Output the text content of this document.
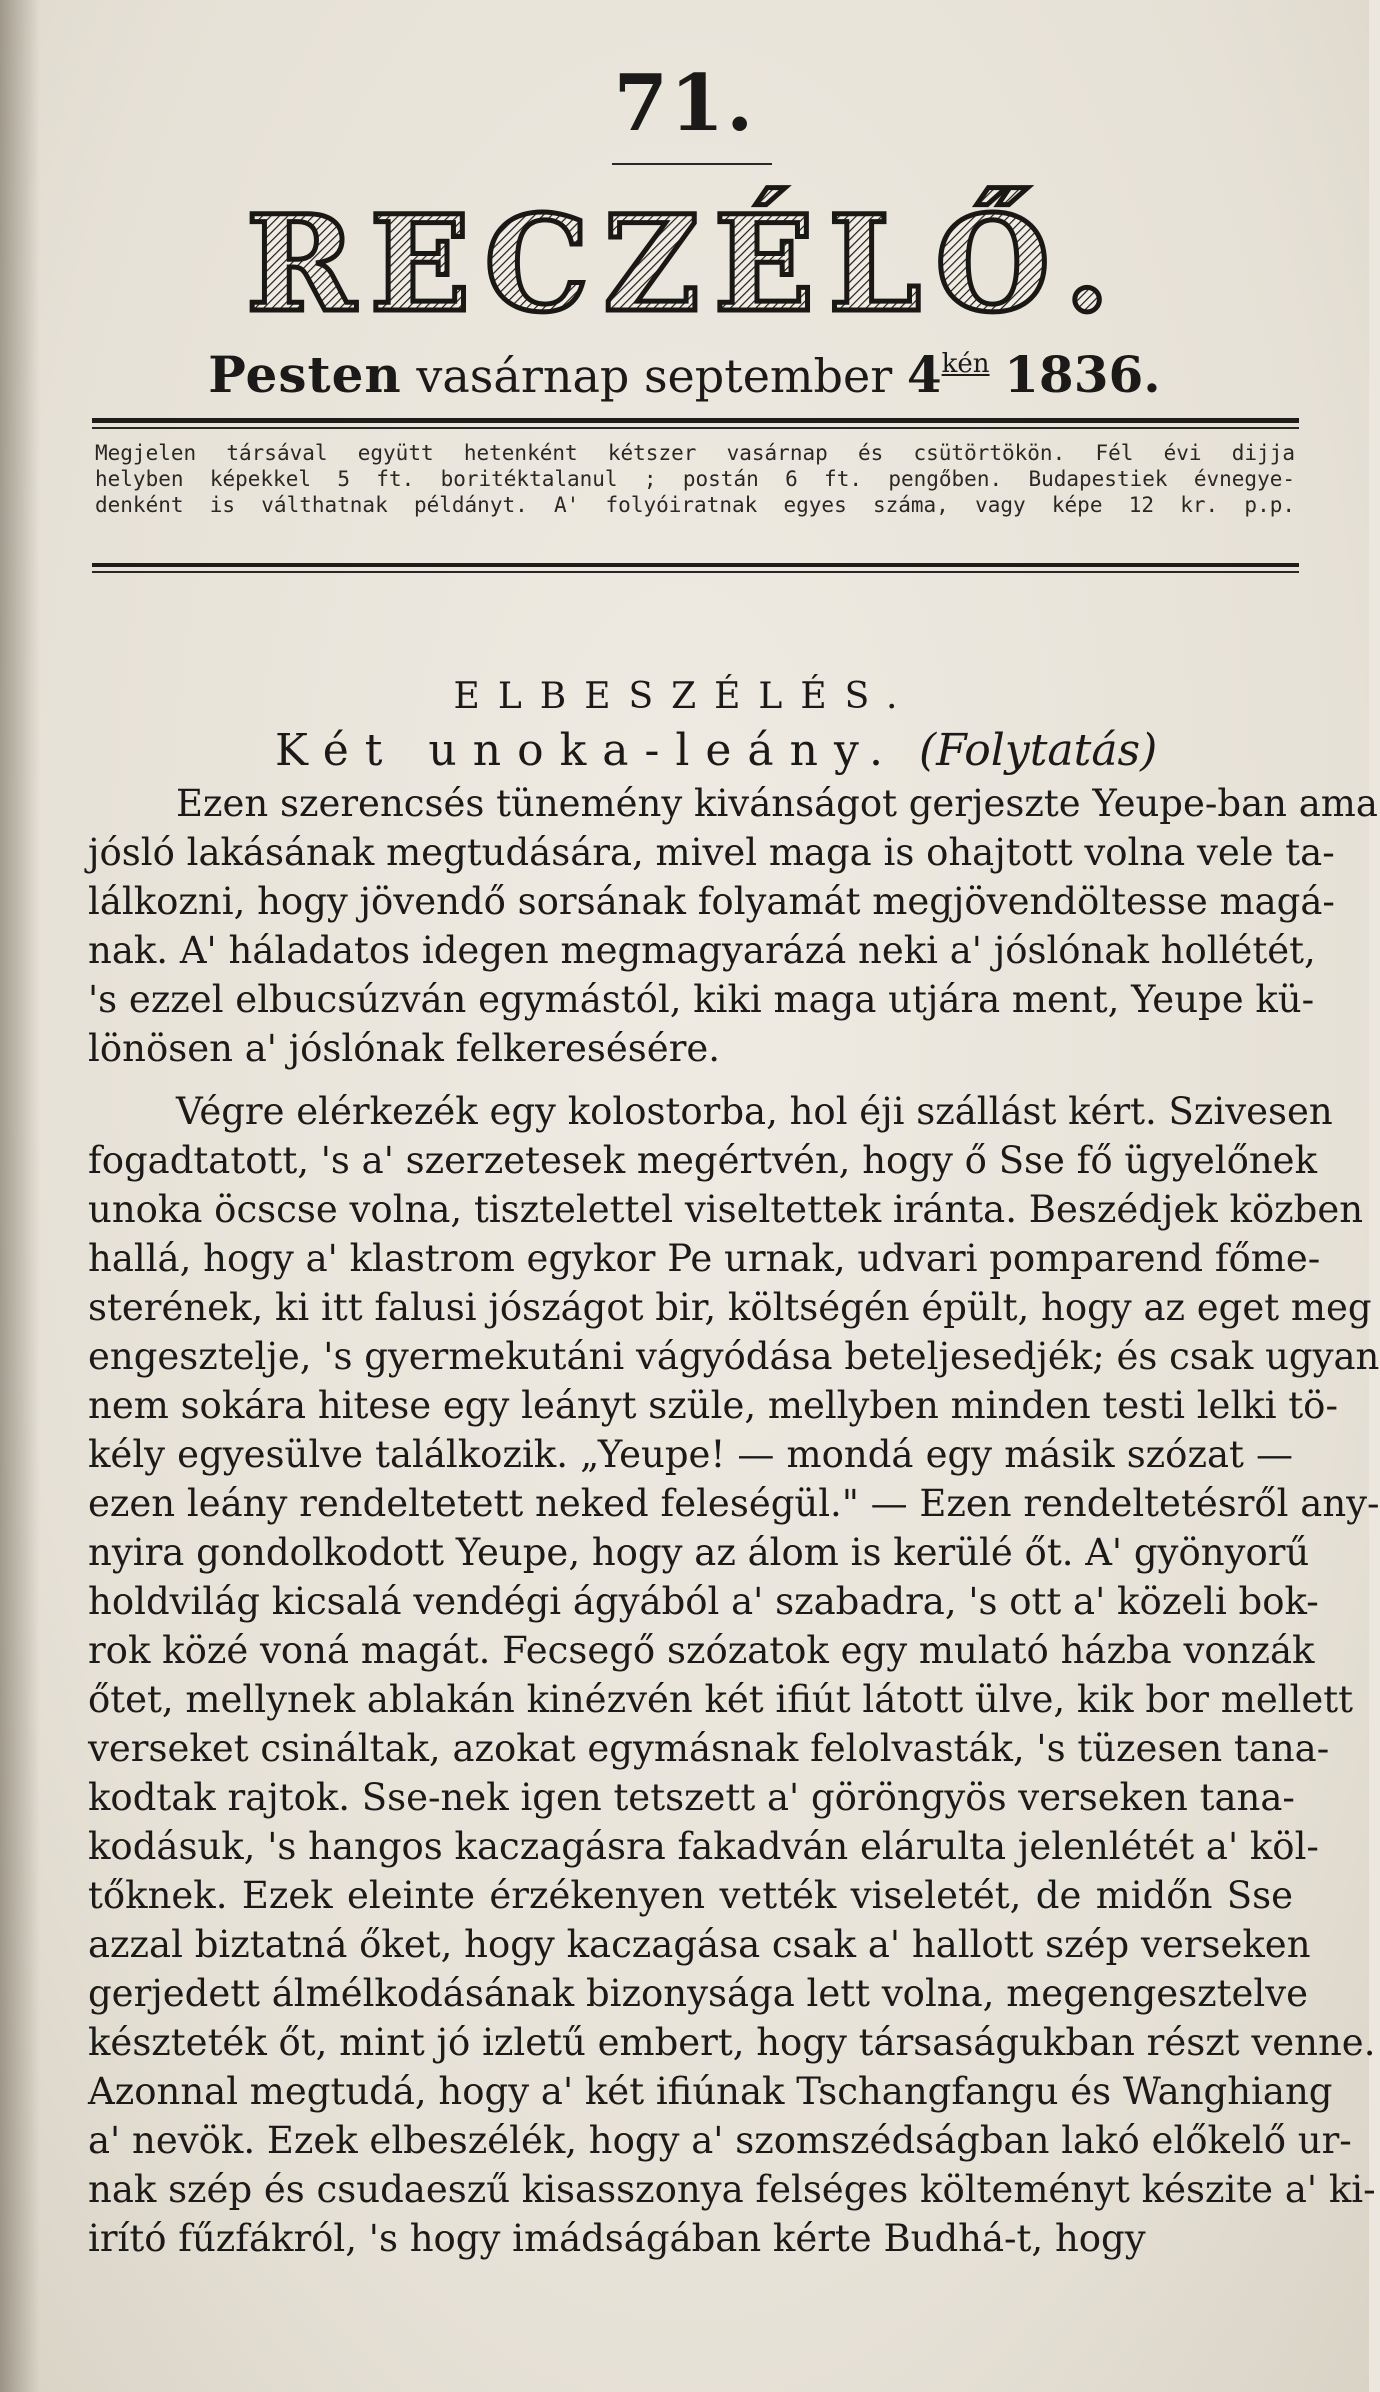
71.
RECZÉLŐ.
Pesten vasárnap september $4^{kén}$ 1836.
Megjelen társával együtt hetenként kétszer vasárnap és csütörtökön. Fél évi dijja
helyben képekkel 5 ft. boritéktalanul ; postán 6 ft. pengőben. Budapestiek évnegye-
denként is válthatnak példányt. A' folyóiratnak egyes száma, vagy képe 12 kr. p.p.
ELBESZÉLÉS.
Két unoka-leány. (Folytatás)
Ezen szerencsés tünemény kivánságot gerjeszte Yeupe-ban ama
jósló lakásának megtudására, mivel maga is ohajtott volna vele ta-
lálkozni, hogy jövendő sorsának folyamát megjövendöltesse magá-
nak. A' háladatos idegen megmagyarázá neki a' jóslónak hollétét,
's ezzel elbucsúzván egymástól, kiki maga utjára ment, Yeupe kü-
lönösen a' jóslónak felkeresésére.
Végre elérkezék egy kolostorba, hol éji szállást kért. Szivesen
fogadtatott, 's a' szerzetesek megértvén, hogy ő Sse fő ügyelőnek
unoka öcscse volna, tisztelettel viseltettek iránta. Beszédjek közben
hallá, hogy a' klastrom egykor Pe urnak, udvari pomparend főme-
sterének, ki itt falusi jószágot bir, költségén épült, hogy az eget meg
engesztelje, 's gyermekutáni vágyódása beteljesedjék; és csak ugyan
nem sokára hitese egy leányt szüle, mellyben minden testi lelki tö-
kély egyesülve találkozik. „Yeupe! — mondá egy másik szózat —
ezen leány rendeltetett neked feleségül." — Ezen rendeltetésről any-
nyira gondolkodott Yeupe, hogy az álom is kerülé őt. A' gyönyorű
holdvilág kicsalá vendégi ágyából a' szabadra, 's ott a' közeli bok-
rok közé voná magát. Fecsegő szózatok egy mulató házba vonzák
őtet, mellynek ablakán kinézvén két ifiút látott ülve, kik bor mellett
verseket csináltak, azokat egymásnak felolvasták, 's tüzesen tana-
kodtak rajtok. Sse-nek igen tetszett a' göröngyös verseken tana-
kodásuk, 's hangos kaczagásra fakadván elárulta jelenlétét a' köl-
tőknek. Ezek eleinte érzékenyen vették viseletét, de midőn Sse
azzal biztatná őket, hogy kaczagása csak a' hallott szép verseken
gerjedett álmélkodásának bizonysága lett volna, megengesztelve
készteték őt, mint jó izletű embert, hogy társaságukban részt venne.
Azonnal megtudá, hogy a' két ifiúnak Tschangfangu és Wanghiang
a' nevök. Ezek elbeszélék, hogy a' szomszédságban lakó előkelő ur-
nak szép és csudaeszű kisasszonya felséges költeményt készite a' ki-
irító fűzfákról, 's hogy imádságában kérte Budhá-t, hogy
